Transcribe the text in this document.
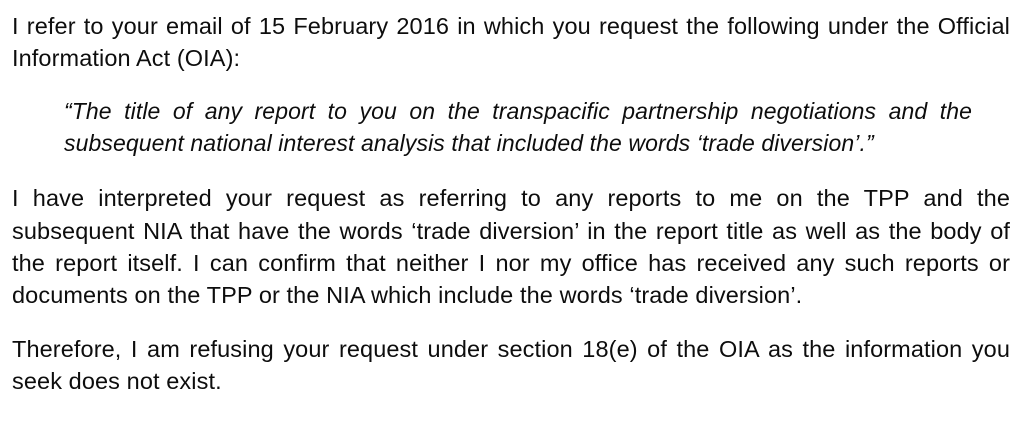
I refer to your email of 15 February 2016 in which you request the following under the Official Information Act (OIA):

“The title of any report to you on the transpacific partnership negotiations and the subsequent national interest analysis that included the words ‘trade diversion’.”

I have interpreted your request as referring to any reports to me on the TPP and the subsequent NIA that have the words ‘trade diversion’ in the report title as well as the body of the report itself. I can confirm that neither I nor my office has received any such reports or documents on the TPP or the NIA which include the words ‘trade diversion’.

Therefore, I am refusing your request under section 18(e) of the OIA as the information you seek does not exist.
